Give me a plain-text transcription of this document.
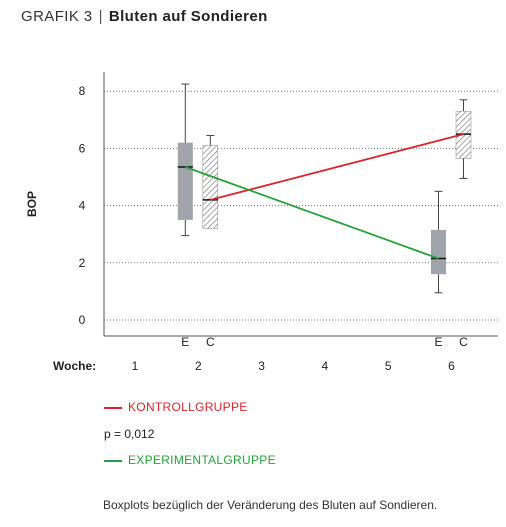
GRAFIK 3 | Bluten auf Sondieren
0
2
4
6
8
BOP
Woche:	1	2	3	4	5	6
E C	E C
KONTROLLGRUPPE
p = 0,012
EXPERIMENTALGRUPPE
Boxplots bezüglich der Veränderung des Bluten auf Sondieren.
